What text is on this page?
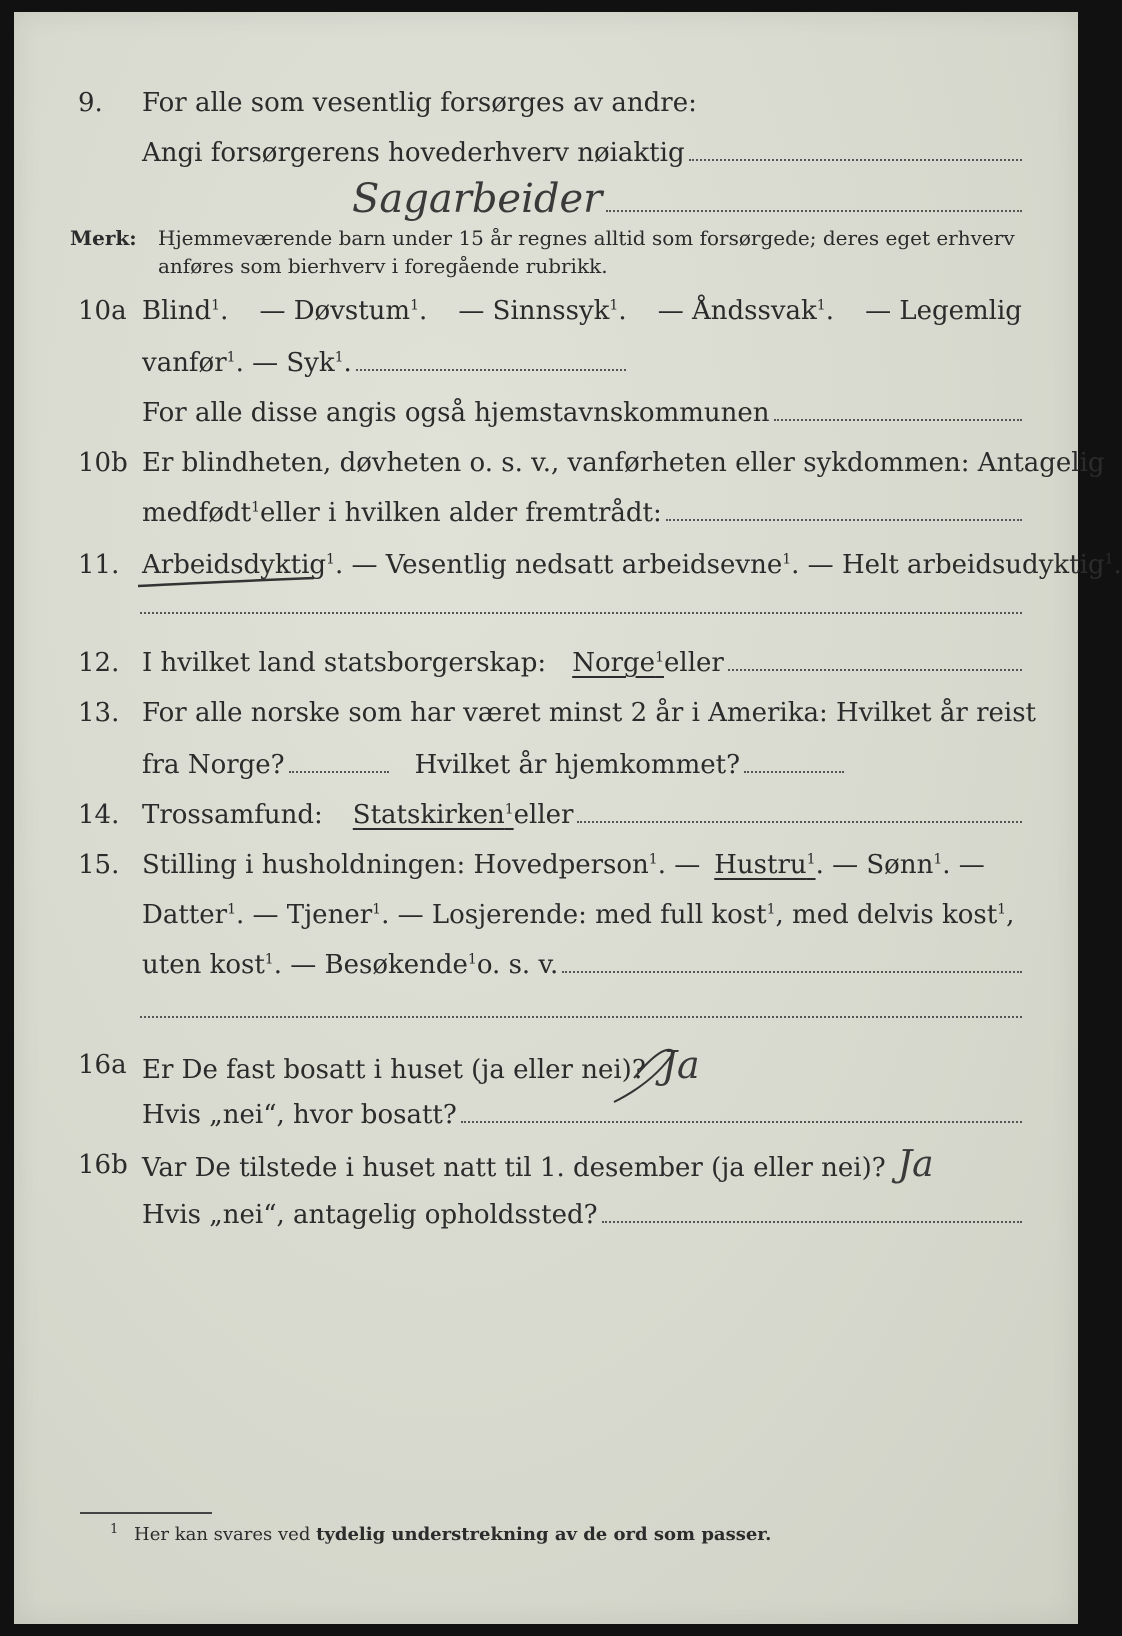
9. For alle som vesentlig forsørges av andre:
Angi forsørgerens hovederhverv nøiaktig
Sagarbeider
Merk: Hjemmeværende barn under 15 år regnes alltid som forsørgede; deres eget erhverv
anføres som bierhverv i foregående rubrikk.
10a Blind$^1$. — Døvstum$^1$. — Sinnssyk$^1$. — Åndssvak$^1$. — Legemlig
vanfør$^1$ . — Syk$^1$.
For alle disse angis også hjemstavnskommunen
10b Er blindheten, døvheten o. s. v., vanførheten eller sykdommen: Antagelig
medfødt$^1$ eller i hvilken alder fremtrådt:
11. Arbeidsdyktig$^1$ . — Vesentlig nedsatt arbeidsevne$^1$ . — Helt arbeidsudyktig$^1$ .
12. I hvilket land statsborgerskap: Norge$^1$ eller
13. For alle norske som har været minst 2 år i Amerika: Hvilket år reist
fra Norge?	Hvilket år hjemkommet?
14. Trossamfund: Statskirken$^1$ eller
15. Stilling i husholdningen: Hovedperson$^1$ . — Hustru$^1$ . — Sønn$^1$ . —
Datter$^1$ . — Tjener$^1$ . — Losjerende: med full kost$^1$ , med delvis kost$^1$ ,
uten kost$^1$ . — Besøkende$^1$ o. s. v.
16a Er De fast bosatt i huset (ja eller nei)? Ja
Hvis „nei“, hvor bosatt?
16b Var De tilstede i huset natt til 1. desember (ja eller nei)? Ja
Hvis „nei“, antagelig opholdssted?
$^1$ Her kan svares ved tydelig understrekning av de ord som passer.
